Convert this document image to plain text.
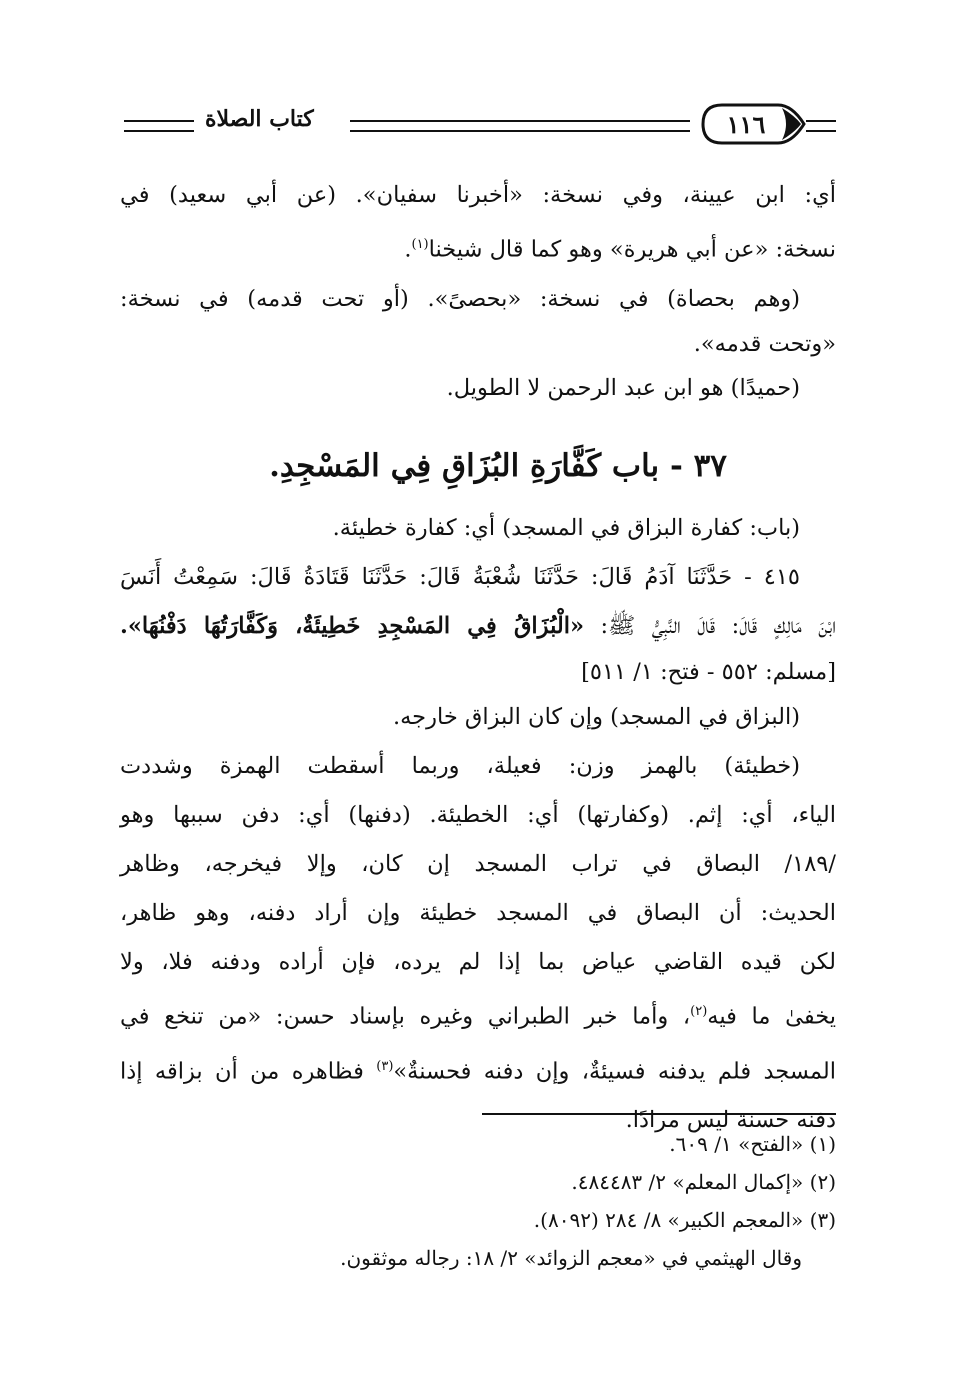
كتاب الصلاة	١١٦
أي: ابن عيينة، وفي نسخة: «أخبرنا سفيان». (عن أبي سعيد) في
نسخة: «عن أبي هريرة» وهو كما قال شيخنا$^{(١)}$.
(وهم بحصاة) في نسخة: «بحصىً». (أو تحت قدمه) في نسخة:
«وتحت قدمه».
(حميدًا) هو ابن عبد الرحمن لا الطويل.
٣٧ - باب كَفَّارَةِ البُزَاقِ فِي المَسْجِدِ.
(باب: كفارة البزاق في المسجد) أي: كفارة خطيئة.
٤١٥ - حَدَّثَنَا آدَمُ قَالَ: حَدَّثَنَا شُعْبَةُ قَالَ: حَدَّثَنَا قَتَادَةُ قَالَ: سَمِعْتُ أَنَسَ
ابْنَ مَالِكٍ قَالَ: قَالَ النَّبِيُّ ﷺ: «الْبُزَاقُ فِي المَسْجِدِ خَطِيئَةٌ، وَكَفَّارَتُهَا دَفْنُهَا».
[مسلم: ٥٥٢ - فتح: ١/ ٥١١]
(البزاق في المسجد) وإن كان البزاق خارجه.
(خطيئة) بالهمز وزن: فعيلة، وربما أسقطت الهمزة وشددت
الياء، أي: إثم. (وكفارتها) أي: الخطيئة. (دفنها) أي: دفن سببها وهو
/١٨٩/ البصاق في تراب المسجد إن كان، وإلا فيخرجه، وظاهر
الحديث: أن البصاق في المسجد خطيئة وإن أراد دفنه، وهو ظاهر،
لكن قيده القاضي عياض بما إذا لم يرده، فإن أراده ودفنه فلا، ولا
يخفىٰ ما فيه$^{(٢)}$، وأما خبر الطبراني وغيره بإسناد حسن: «من تنخع في
المسجد فلم يدفنه فسيئةٌ، وإن دفنه فحسنةٌ»$^{(٣)}$ فظاهره من أن بزاقه إذا
دفنه حسنة ليس مرادًا.
(١) «الفتح» ١/ ٦٠٩.
(٢) «إكمال المعلم» ٢/ ٤٨٤٤٨٣.
(٣) «المعجم الكبير» ٨/ ٢٨٤ (٨٠٩٢).
وقال الهيثمي في «معجم الزوائد» ٢/ ١٨: رجاله موثقون.
